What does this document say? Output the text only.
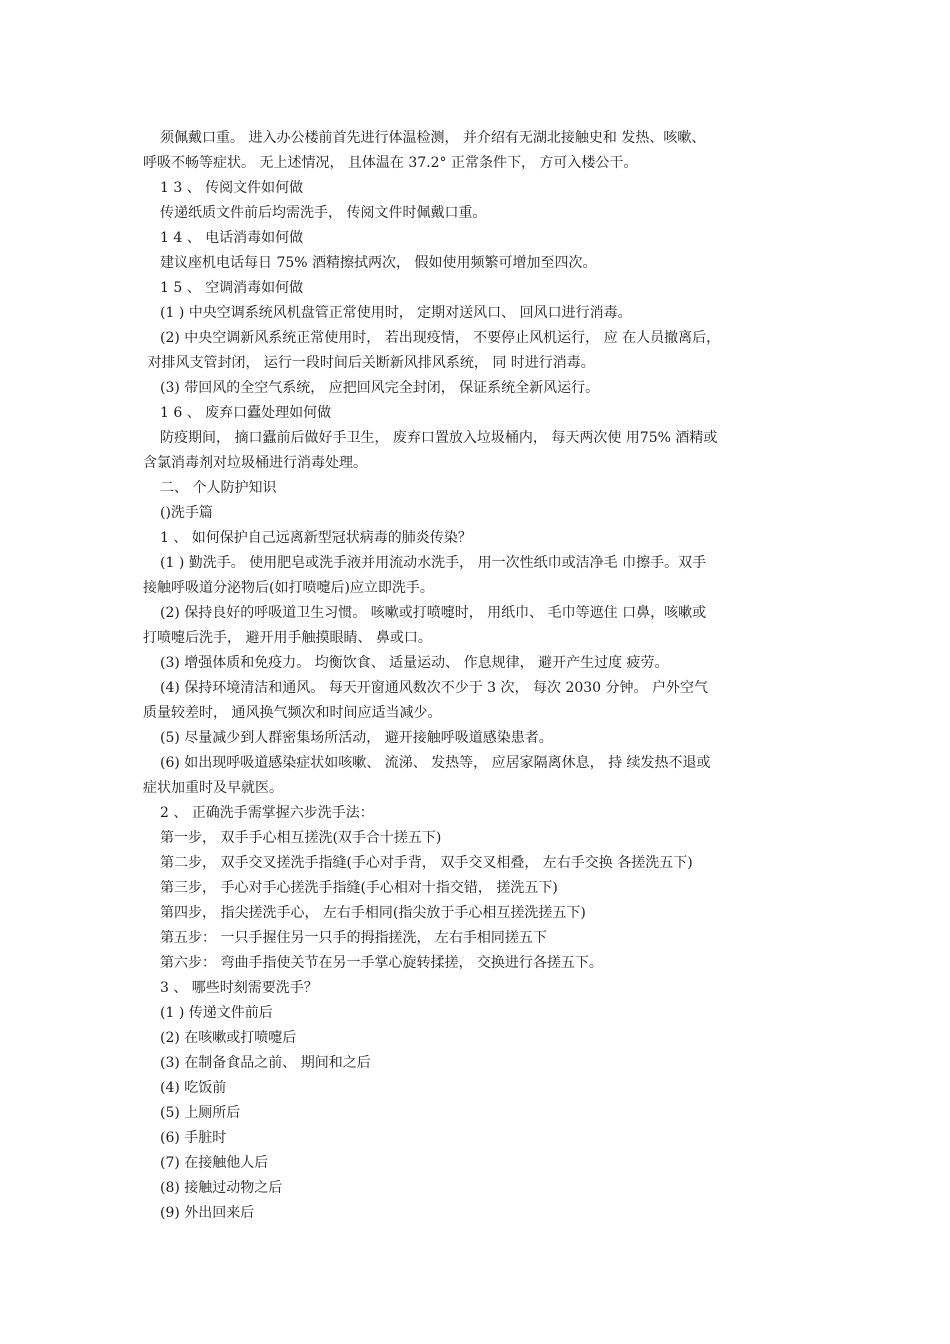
须佩戴口重。 进入办公楼前首先进行体温检测， 并介绍有无湖北接触史和 发热、咳嗽、
呼吸不畅等症状。 无上述情况， 且体温在 37.2° 正常条件下， 方可入楼公干。
1 3 、 传阅文件如何做
传递纸质文件前后均需洗手， 传阅文件时佩戴口重。
1 4 、 电话消毒如何做
建议座机电话每日 75% 酒精擦拭两次， 假如使用频繁可增加至四次。
1 5 、 空调消毒如何做
(1 ) 中央空调系统风机盘管正常使用时， 定期对送风口、 回风口进行消毒。
(2) 中央空调新风系统正常使用时， 若出现疫情， 不要停止风机运行， 应 在人员撤离后，
对排风支管封闭， 运行一段时间后关断新风排风系统， 同 时进行消毒。
(3) 带回风的全空气系统， 应把回风完全封闭， 保证系统全新风运行。
1 6 、 废弃口蠹处理如何做
防疫期间， 摘口蠹前后做好手卫生， 废弃口置放入垃圾桶内， 每天两次使 用75% 酒精或
含氯消毒剂对垃圾桶进行消毒处理。
二、 个人防护知识
()洗手篇
1 、 如何保护自己远离新型冠状病毒的肺炎传染？
(1 ) 勤洗手。 使用肥皂或洗手液并用流动水洗手， 用一次性纸巾或洁净毛 巾擦手。双手
接触呼吸道分泌物后(如打喷嚏后)应立即洗手。
(2) 保持良好的呼吸道卫生习惯。 咳嗽或打喷嚏时， 用纸巾、 毛巾等遮住 口鼻，咳嗽或
打喷嚏后洗手， 避开用手触摸眼睛、 鼻或口。
(3) 增强体质和免疫力。 均衡饮食、 适量运动、 作息规律， 避开产生过度 疲劳。
(4) 保持环境清洁和通风。 每天开窗通风数次不少于 3 次， 每次 2030 分钟。 户外空气
质量较差时， 通风换气频次和时间应适当减少。
(5) 尽量减少到人群密集场所活动， 避开接触呼吸道感染患者。
(6) 如出现呼吸道感染症状如咳嗽、 流涕、 发热等， 应居家隔离休息， 持 续发热不退或
症状加重时及早就医。
2 、 正确洗手需掌握六步洗手法：
第一步， 双手手心相互搓洗(双手合十搓五下)
第二步， 双手交叉搓洗手指缝(手心对手背， 双手交叉相叠， 左右手交换 各搓洗五下)
第三步， 手心对手心搓洗手指缝(手心相对十指交错， 搓洗五下)
第四步， 指尖搓洗手心， 左右手相同(指尖放于手心相互搓洗搓五下)
第五步： 一只手握住另一只手的拇指搓洗， 左右手相同搓五下
第六步： 弯曲手指使关节在另一手掌心旋转揉搓， 交换进行各搓五下。
3 、 哪些时刻需要洗手？
(1 ) 传递文件前后
(2) 在咳嗽或打喷嚏后
(3) 在制备食品之前、 期间和之后
(4) 吃饭前
(5) 上厕所后
(6) 手脏时
(7) 在接触他人后
(8) 接触过动物之后
(9) 外出回来后
